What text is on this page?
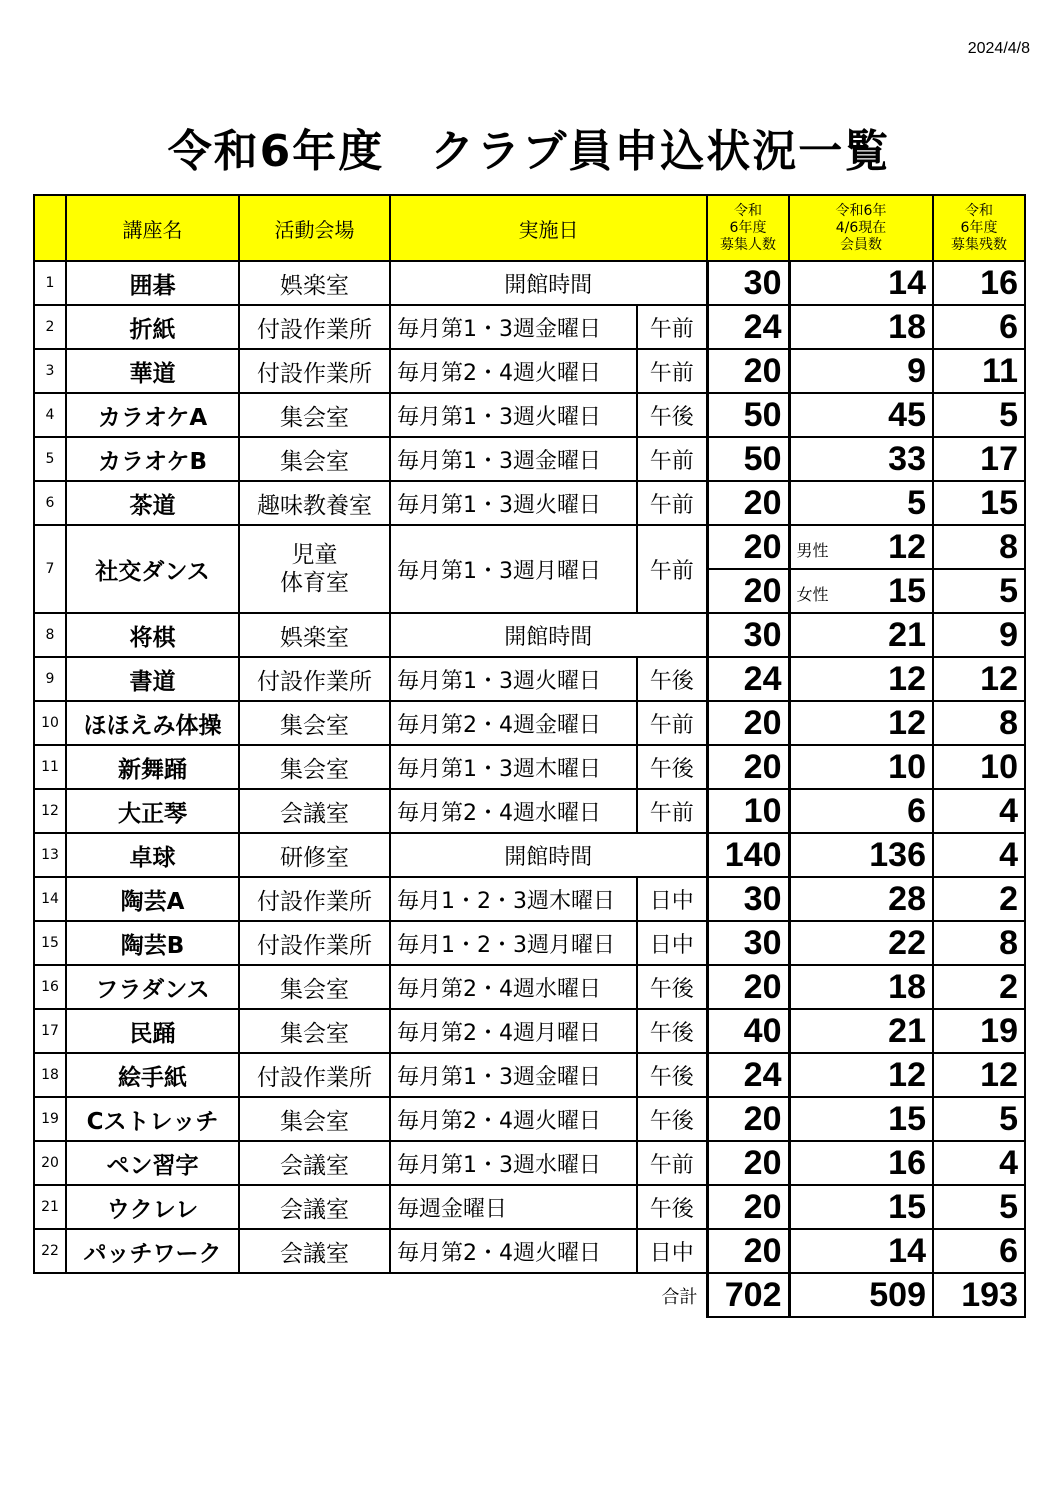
2024/4/8
令和6年度　クラブ員申込状況一覧
	講座名	活動会場	実施日		令和
6年度
募集人数	令和6年
4/6現在
会員数	令和
6年度
募集残数
1	囲碁	娯楽室	開館時間		30	14	16
2	折紙	付設作業所	毎月第1・3週金曜日	午前	24	18	6
3	華道	付設作業所	毎月第2・4週火曜日	午前	20	9	11
4	カラオケA	集会室	毎月第1・3週火曜日	午後	50	45	5
5	カラオケB	集会室	毎月第1・3週金曜日	午前	50	33	17
6	茶道	趣味教養室	毎月第1・3週火曜日	午前	20	5	15
7	社交ダンス	児童
体育室	毎月第1・3週月曜日	午前	20	男性 12	8
					20	女性 15	5
8	将棋	娯楽室	開館時間		30	21	9
9	書道	付設作業所	毎月第1・3週火曜日	午後	24	12	12
10	ほほえみ体操	集会室	毎月第2・4週金曜日	午前	20	12	8
11	新舞踊	集会室	毎月第1・3週木曜日	午後	20	10	10
12	大正琴	会議室	毎月第2・4週水曜日	午前	10	6	4
13	卓球	研修室	開館時間		140	136	4
14	陶芸A	付設作業所	毎月1・2・3週木曜日	日中	30	28	2
15	陶芸B	付設作業所	毎月1・2・3週月曜日	日中	30	22	8
16	フラダンス	集会室	毎月第2・4週水曜日	午後	20	18	2
17	民踊	集会室	毎月第2・4週月曜日	午後	40	21	19
18	絵手紙	付設作業所	毎月第1・3週金曜日	午後	24	12	12
19	Cストレッチ	集会室	毎月第2・4週火曜日	午後	20	15	5
20	ペン習字	会議室	毎月第1・3週水曜日	午前	20	16	4
21	ウクレレ	会議室	毎週金曜日	午後	20	15	5
22	パッチワーク	会議室	毎月第2・4週火曜日	日中	20	14	6
				合計	702	509	193
